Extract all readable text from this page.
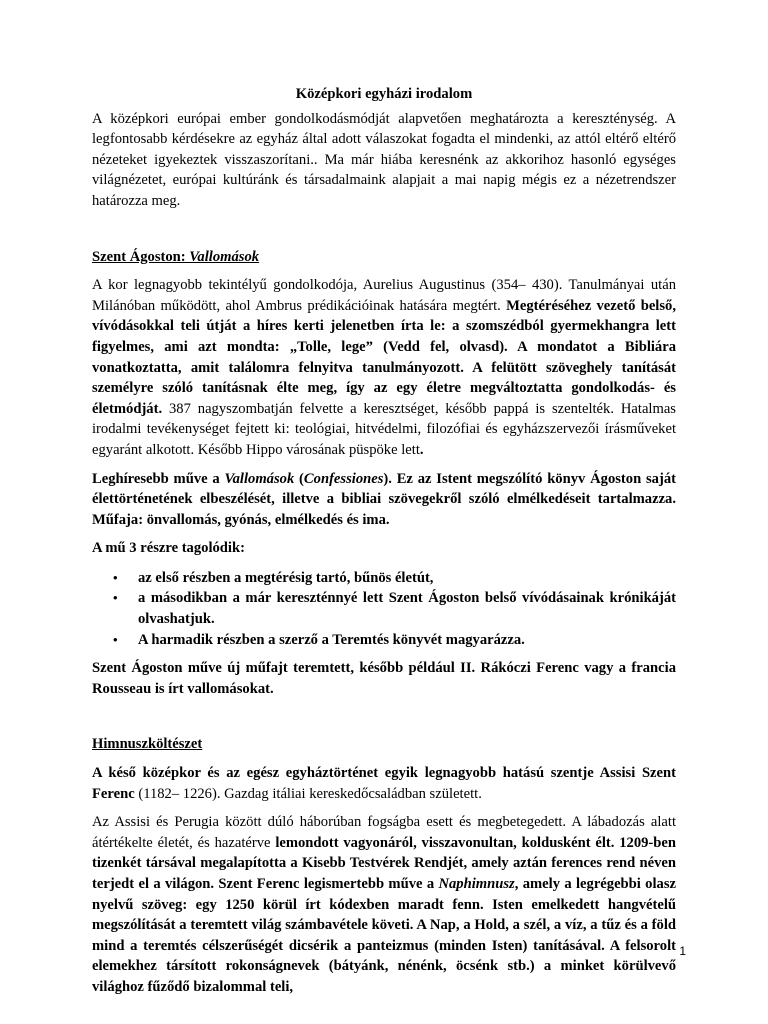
Középkori egyházi irodalom

A középkori európai ember gondolkodásmódját alapvetően meghatározta a kereszténység. A legfontosabb kérdésekre az egyház által adott válaszokat fogadta el mindenki, az attól eltérő eltérő nézeteket igyekeztek visszaszorítani.. Ma már hiába keresnénk az akkorihoz hasonló egységes világnézetet, európai kultúránk és társadalmaink alapjait a mai napig mégis ez a nézetrendszer határozza meg.

Szent Ágoston: Vallomások

A kor legnagyobb tekintélyű gondolkodója, Aurelius Augustinus (354– 430). Tanulmányai után Milánóban működött, ahol Ambrus prédikációinak hatására megtért. Megtéréséhez vezető belső, vívódásokkal teli útját a híres kerti jelenetben írta le: a szomszédból gyermekhangra lett figyelmes, ami azt mondta: „Tolle, lege” (Vedd fel, olvasd). A mondatot a Bibliára vonatkoztatta, amit találomra felnyitva tanulmányozott. A felütött szöveghely tanítását személyre szóló tanításnak élte meg, így az egy életre megváltoztatta gondolkodás- és életmódját. 387 nagyszombatján felvette a keresztséget, később pappá is szentelték. Hatalmas irodalmi tevékenységet fejtett ki: teológiai, hitvédelmi, filozófiai és egyházszervezői írásműveket egyaránt alkotott. Később Hippo városának püspöke lett.

Leghíresebb műve a Vallomások (Confessiones). Ez az Istent megszólító könyv Ágoston saját élettörténetének elbeszélését, illetve a bibliai szövegekről szóló elmélkedéseit tartalmazza. Műfaja: önvallomás, gyónás, elmélkedés és ima.

A mű 3 részre tagolódik:

• az első részben a megtérésig tartó, bűnös életút,
• a másodikban a már kereszténnyé lett Szent Ágoston belső vívódásainak krónikáját olvashatjuk.
• A harmadik részben a szerző a Teremtés könyvét magyarázza.

Szent Ágoston műve új műfajt teremtett, később például II. Rákóczi Ferenc vagy a francia Rousseau is írt vallomásokat.

Himnuszköltészet

A késő középkor és az egész egyháztörténet egyik legnagyobb hatású szentje Assisi Szent Ferenc (1182– 1226). Gazdag itáliai kereskedőcsaládban született.

Az Assisi és Perugia között dúló háborúban fogságba esett és megbetegedett. A lábadozás alatt átértékelte életét, és hazatérve lemondott vagyonáról, visszavonultan, koldusként élt. 1209-ben tizenkét társával megalapította a Kisebb Testvérek Rendjét, amely aztán ferences rend néven terjedt el a világon. Szent Ferenc legismertebb műve a Naphimnusz, amely a legrégebbi olasz nyelvű szöveg: egy 1250 körül írt kódexben maradt fenn. Isten emelkedett hangvételű megszólítását a teremtett világ számbavétele követi. A Nap, a Hold, a szél, a víz, a tűz és a föld mind a teremtés célszerűségét dicsérik a panteizmus (minden Isten) tanításával. A felsorolt elemekhez társított rokonságnevek (bátyánk, nénénk, öcsénk stb.) a minket körülvevő világhoz fűződő bizalommal teli,

1
